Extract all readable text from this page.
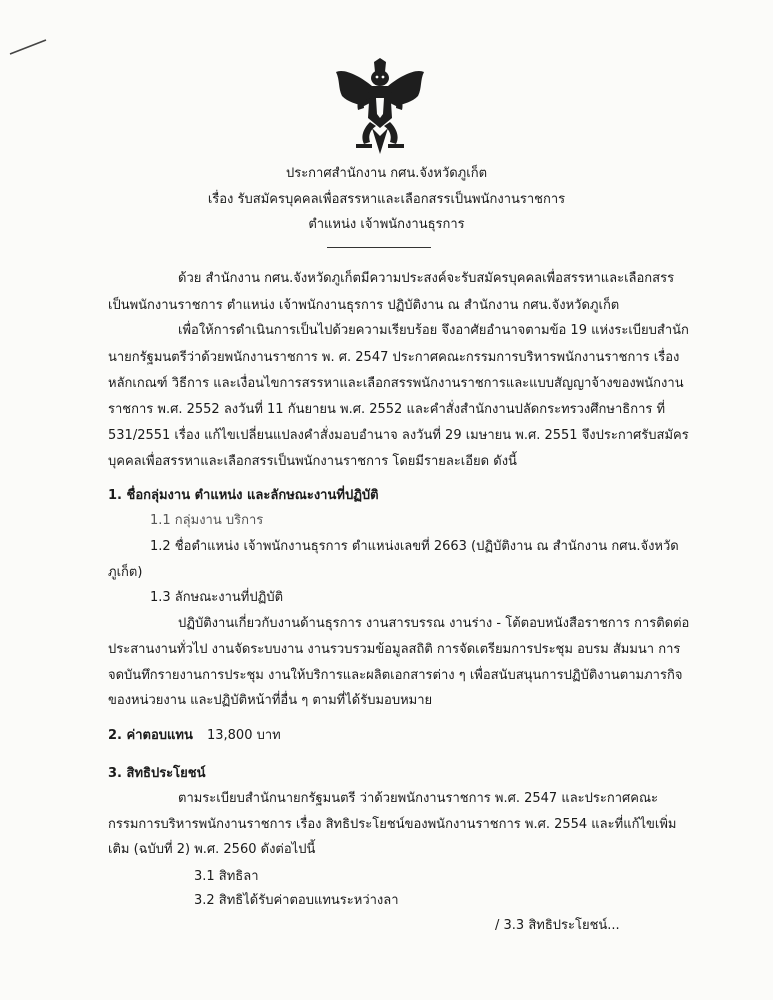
ประกาศสำนักงาน กศน.จังหวัดภูเก็ต
เรื่อง รับสมัครบุคคลเพื่อสรรหาและเลือกสรรเป็นพนักงานราชการ
ตำแหน่ง เจ้าพนักงานธุรการ
ด้วย สำนักงาน กศน.จังหวัดภูเก็ตมีความประสงค์จะรับสมัครบุคคลเพื่อสรรหาและเลือกสรร
เป็นพนักงานราชการ ตำแหน่ง เจ้าพนักงานธุรการ ปฏิบัติงาน ณ สำนักงาน กศน.จังหวัดภูเก็ต
เพื่อให้การดำเนินการเป็นไปด้วยความเรียบร้อย จึงอาศัยอำนาจตามข้อ 19 แห่งระเบียบสำนัก
นายกรัฐมนตรีว่าด้วยพนักงานราชการ พ. ศ. 2547 ประกาศคณะกรรมการบริหารพนักงานราชการ เรื่อง
หลักเกณฑ์ วิธีการ และเงื่อนไขการสรรหาและเลือกสรรพนักงานราชการและแบบสัญญาจ้างของพนักงาน
ราชการ พ.ศ. 2552 ลงวันที่ 11 กันยายน พ.ศ. 2552 และคำสั่งสำนักงานปลัดกระทรวงศึกษาธิการ ที่
531/2551 เรื่อง แก้ไขเปลี่ยนแปลงคำสั่งมอบอำนาจ ลงวันที่ 29 เมษายน พ.ศ. 2551 จึงประกาศรับสมัคร
บุคคลเพื่อสรรหาและเลือกสรรเป็นพนักงานราชการ โดยมีรายละเอียด ดังนี้
1. ชื่อกลุ่มงาน ตำแหน่ง และลักษณะงานที่ปฏิบัติ
1.1 กลุ่มงาน บริการ
1.2 ชื่อตำแหน่ง เจ้าพนักงานธุรการ ตำแหน่งเลขที่ 2663 (ปฏิบัติงาน ณ สำนักงาน กศน.จังหวัด
ภูเก็ต)
1.3 ลักษณะงานที่ปฏิบัติ
ปฏิบัติงานเกี่ยวกับงานด้านธุรการ งานสารบรรณ งานร่าง - โต้ตอบหนังสือราชการ การติดต่อ
ประสานงานทั่วไป งานจัดระบบงาน งานรวบรวมข้อมูลสถิติ การจัดเตรียมการประชุม อบรม สัมมนา การ
จดบันทึกรายงานการประชุม งานให้บริการและผลิตเอกสารต่าง ๆ เพื่อสนับสนุนการปฏิบัติงานตามภารกิจ
ของหน่วยงาน และปฏิบัติหน้าที่อื่น ๆ ตามที่ได้รับมอบหมาย
2. ค่าตอบแทน 13,800 บาท
3. สิทธิประโยชน์
ตามระเบียบสำนักนายกรัฐมนตรี ว่าด้วยพนักงานราชการ พ.ศ. 2547 และประกาศคณะ
กรรมการบริหารพนักงานราชการ เรื่อง สิทธิประโยชน์ของพนักงานราชการ พ.ศ. 2554 และที่แก้ไขเพิ่ม
เติม (ฉบับที่ 2) พ.ศ. 2560 ดังต่อไปนี้
3.1 สิทธิลา
3.2 สิทธิได้รับค่าตอบแทนระหว่างลา
/ 3.3 สิทธิประโยชน์...
